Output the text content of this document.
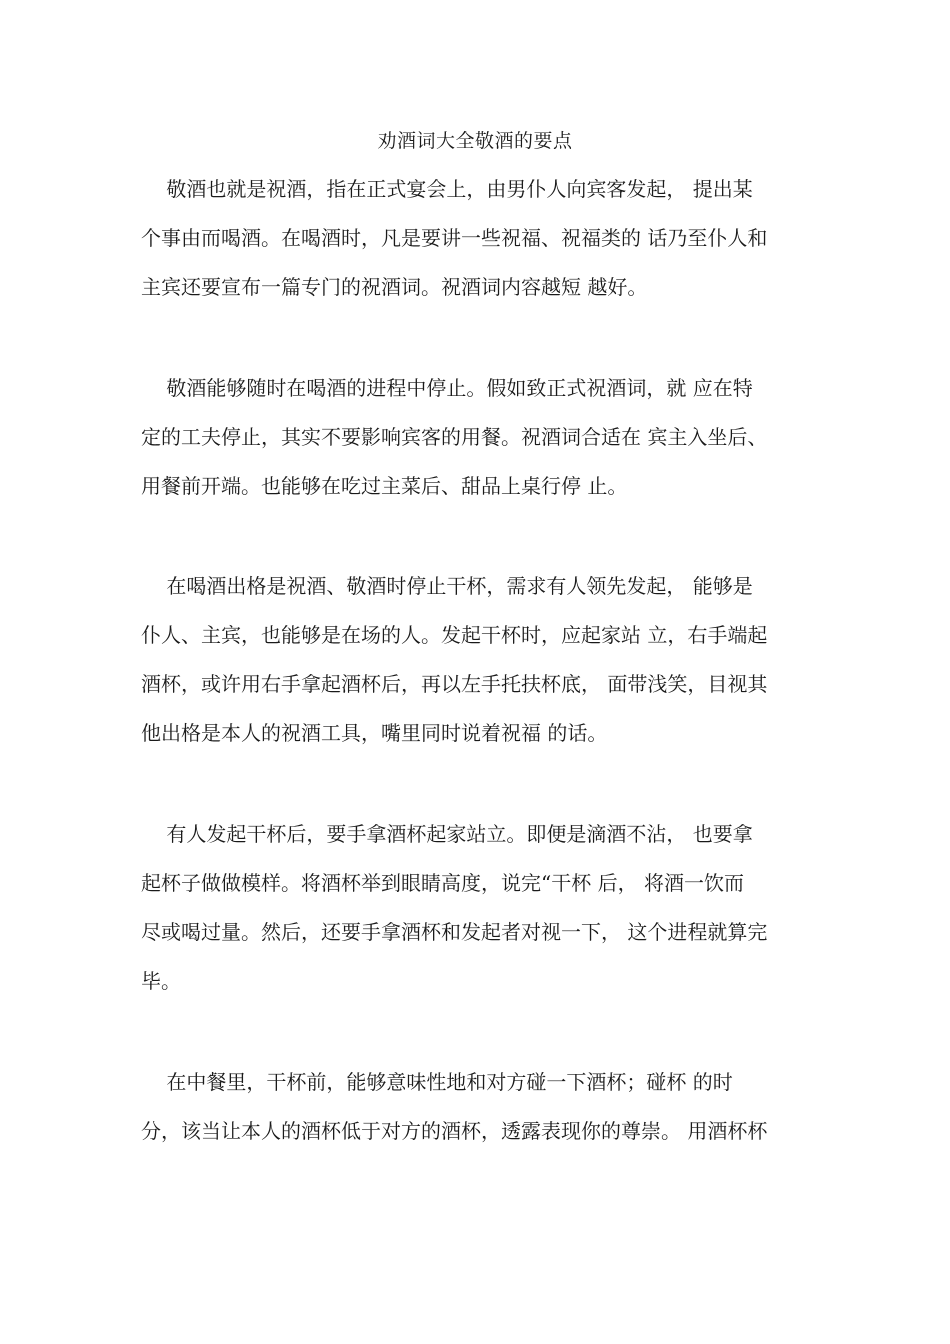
劝酒词大全敬酒的要点
敬酒也就是祝酒，指在正式宴会上，由男仆人向宾客发起， 提出某
个事由而喝酒。在喝酒时，凡是要讲一些祝福、祝福类的 话乃至仆人和
主宾还要宣布一篇专门的祝酒词。祝酒词内容越短 越好。
敬酒能够随时在喝酒的进程中停止。假如致正式祝酒词，就 应在特
定的工夫停止，其实不要影响宾客的用餐。祝酒词合适在 宾主入坐后、
用餐前开端。也能够在吃过主菜后、甜品上桌行停 止。
在喝酒出格是祝酒、敬酒时停止干杯，需求有人领先发起， 能够是
仆人、主宾，也能够是在场的人。发起干杯时，应起家站 立，右手端起
酒杯，或许用右手拿起酒杯后，再以左手托扶杯底， 面带浅笑，目视其
他出格是本人的祝酒工具，嘴里同时说着祝福 的话。
有人发起干杯后，要手拿酒杯起家站立。即便是滴酒不沾， 也要拿
起杯子做做模样。将酒杯举到眼睛高度，说完“干杯 后， 将酒一饮而
尽或喝过量。然后，还要手拿酒杯和发起者对视一下， 这个进程就算完
毕。
在中餐里，干杯前，能够意味性地和对方碰一下酒杯；碰杯 的时
分，该当让本人的酒杯低于对方的酒杯，透露表现你的尊崇。 用酒杯杯
